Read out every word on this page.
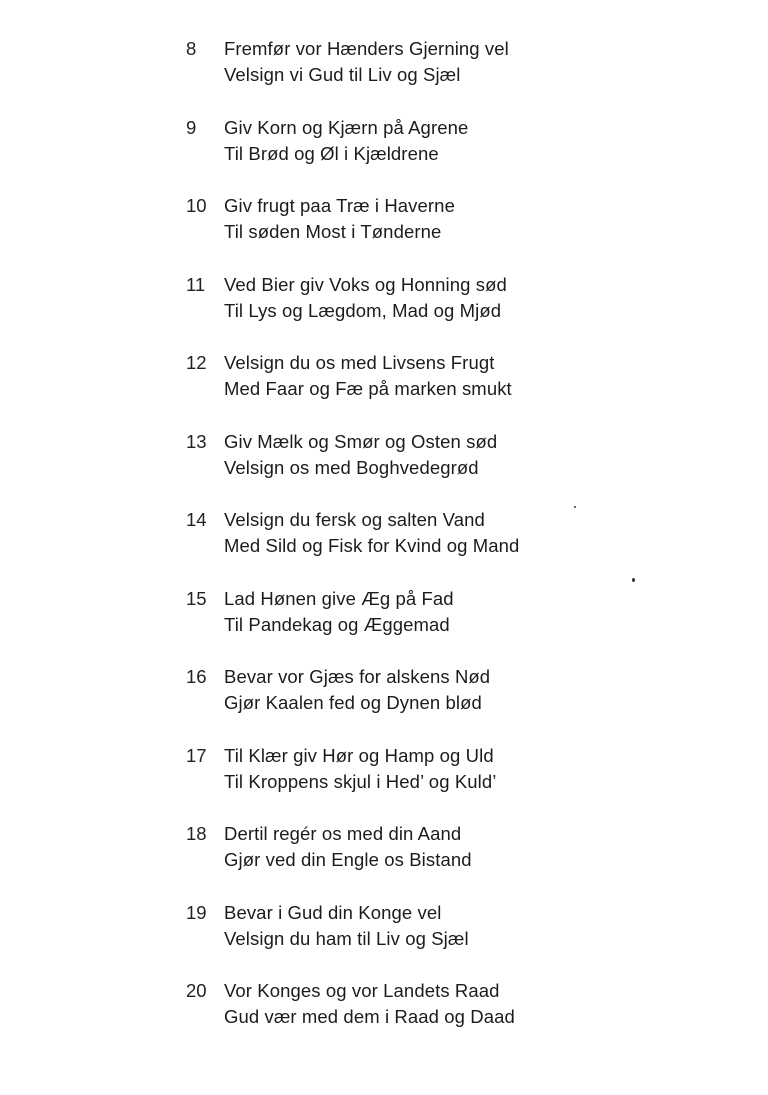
8	Fremfør vor Hænders Gjerning vel
Velsign vi Gud til Liv og Sjæl
9	Giv Korn og Kjærn på Agrene
Til Brød og Øl i Kjældrene
10 Giv frugt paa Træ i Haverne
Til søden Most i Tønderne
11	Ved Bier giv Voks og Honning sød
Til Lys og Lægdom, Mad og Mjød
12 Velsign du os med Livsens Frugt
Med Faar og Fæ på marken smukt
13 Giv Mælk og Smør og Osten sød
Velsign os med Boghvedegrød
14 Velsign du fersk og salten Vand
Med Sild og Fisk for Kvind og Mand
15 Lad Hønen give Æg på Fad
Til Pandekag og Æggemad
16 Bevar vor Gjæs for alskens Nød
Gjør Kaalen fed og Dynen blød
17 Til Klær giv Hør og Hamp og Uld
Til Kroppens skjul i Hed’ og Kuld’
18 Dertil regér os med din Aand
Gjør ved din Engle os Bistand
19 Bevar i Gud din Konge vel
Velsign du ham til Liv og Sjæl
20 Vor Konges og vor Landets Raad
Gud vær med dem i Raad og Daad
